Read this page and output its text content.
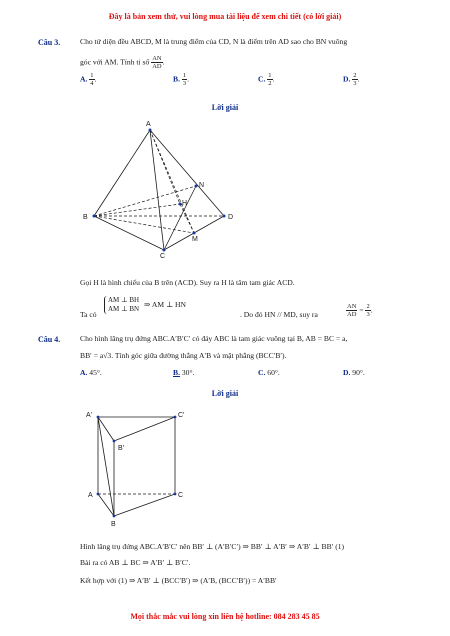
Đây là bản xem thử, vui lòng mua tài liệu để xem chi tiết (có lời giải)
Câu 3.	Cho tứ diện đều ABCD, M là trung điểm của CD, N là điểm trên AD sao cho BN vuông
góc với AM. Tính tỉ số $\frac{AN}{AD}$ .
A. $\frac{1}{4}$ .	B. $\frac{1}{3}$ .	C. $\frac{1}{2}$ .	D. $\frac{2}{3}$ .
Lời giải
A
B	D
C
H
M
N
Gọi H là hình chiếu của B trên (ACD). Suy ra H là tâm tam giác ACD.
Ta có
AM ⊥ BH
AM ⊥ BN ⇒ AM ⊥ HN
. Do đó HN // MD, suy ra	$\frac{AN}{AD} = \frac{2}{3}$ .
Câu 4.	Cho hình lăng trụ đứng ABC.A′B′C′ có đáy ABC là tam giác vuông tại B, AB = BC = a,
BB′ = a√3. Tính góc giữa đường thẳng A′B và mặt phẳng (BCC′B′).
A. 45°.	B. 30°.	C. 60°.	D. 90°.
Lời giải
A′	C′
B′
A	C
B
Hình lăng trụ đứng ABC.A′B′C′ nên BB′ ⊥ (A′B′C′) ⇒ BB′ ⊥ A′B′ ⇒ A′B′ ⊥ BB′ (1)
Bài ra có AB ⊥ BC ⇒ A′B′ ⊥ B′C′.
Kết hợp với (1) ⇒ A′B′ ⊥ (BCC′B′) ⇒ (A′B, (BCC′B′)) = A′BB′
Mọi thắc mắc vui lòng xin liên hệ hotline: 084 283 45 85
